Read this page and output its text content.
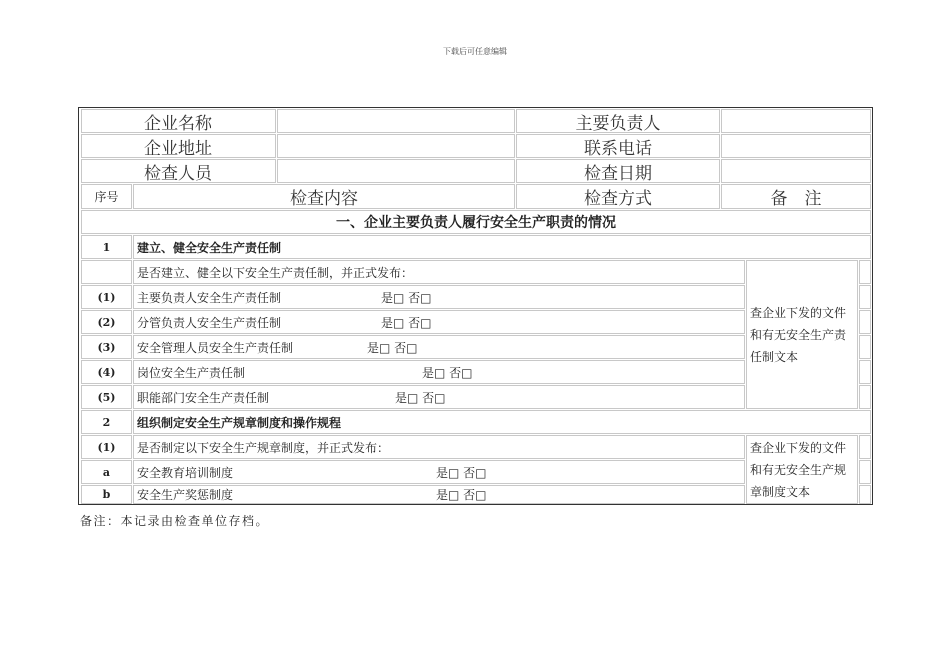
下载后可任意编辑
企业名称	主要负责人
企业地址	联系电话
检查人员	检查日期
序号	检查内容	检查方式	备　注
一、企业主要负责人履行安全生产职责的情况
1	建立、健全安全生产责任制
是否建立、健全以下安全生产责任制，并正式发布：
(1)	主要负责人安全生产责任制	是□ 否□
(2)	分管负责人安全生产责任制	是□ 否□
(3)	安全管理人员安全生产责任制	是□ 否□
(4)	岗位安全生产责任制	是□ 否□
(5)	职能部门安全生产责任制	是□ 否□
查企业下发的文件和有无安全生产责任制文本
2	组织制定安全生产规章制度和操作规程
(1)	是否制定以下安全生产规章制度，并正式发布：
a	安全教育培训制度	是□ 否□
b	安全生产奖惩制度	是□ 否□
查企业下发的文件和有无安全生产规章制度文本
备注：本记录由检查单位存档。
